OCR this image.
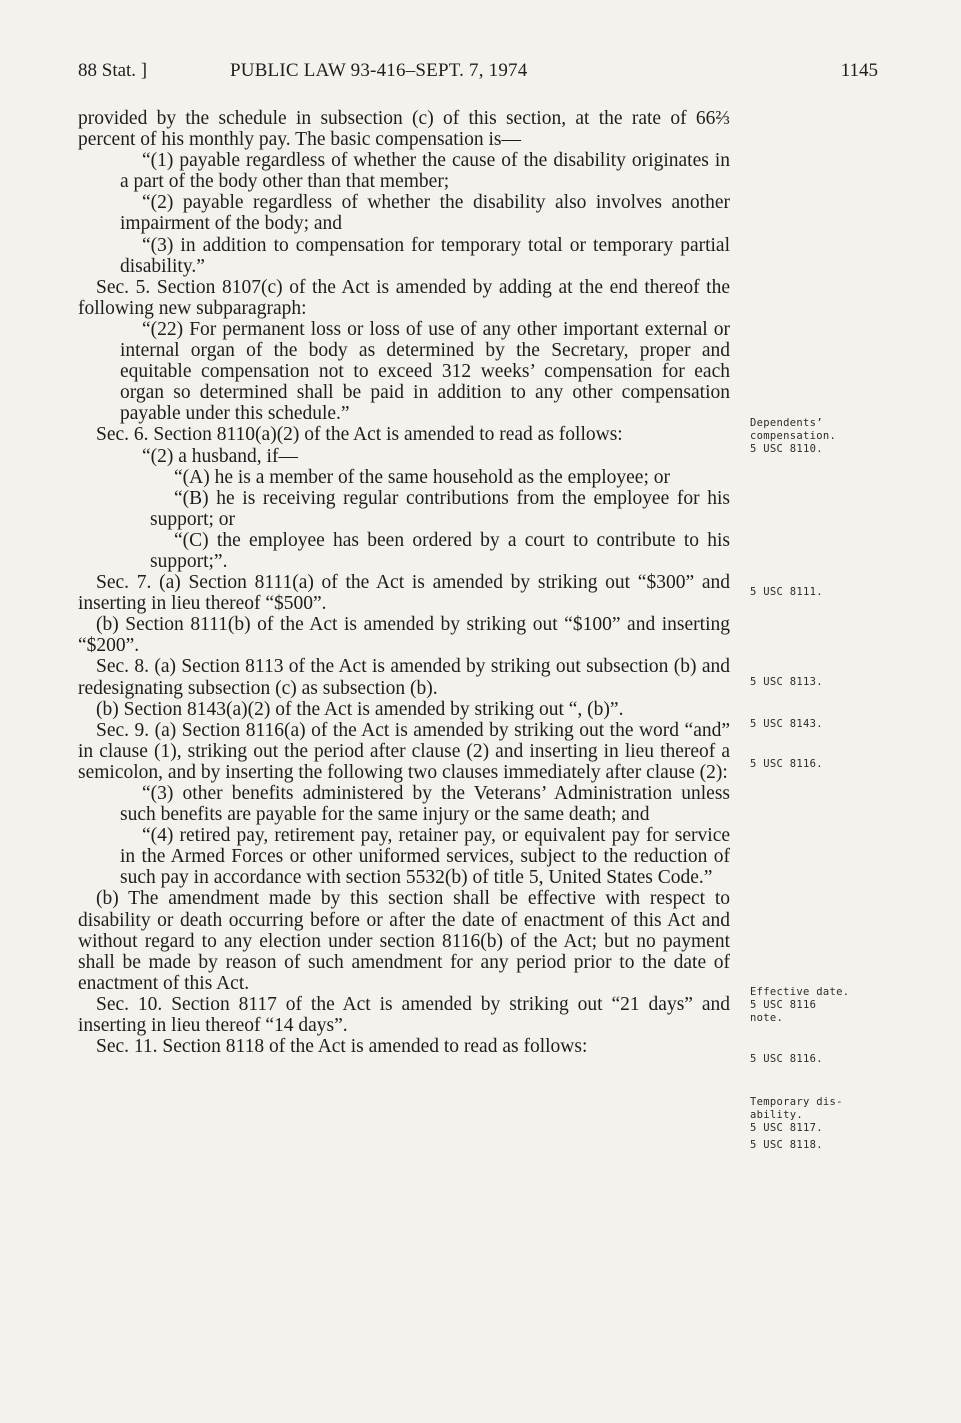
88 Stat. ]	PUBLIC LAW 93-416–SEPT. 7, 1974	1145

provided by the schedule in subsection (c) of this section, at the rate of 66⅔ percent of his monthly pay. The basic compensation is—

“(1) payable regardless of whether the cause of the disability originates in a part of the body other than that member;

“(2) payable regardless of whether the disability also involves another impairment of the body; and

“(3) in addition to compensation for temporary total or temporary partial disability.”

Sec. 5. Section 8107(c) of the Act is amended by adding at the end thereof the following new subparagraph:

“(22) For permanent loss or loss of use of any other important external or internal organ of the body as determined by the Secretary, proper and equitable compensation not to exceed 312 weeks’ compensation for each organ so determined shall be paid in addition to any other compensation payable under this schedule.”

Sec. 6. Section 8110(a)(2) of the Act is amended to read as follows:

“(2) a husband, if—

“(A) he is a member of the same household as the employee; or

“(B) he is receiving regular contributions from the employee for his support; or

“(C) the employee has been ordered by a court to contribute to his support;”.

Sec. 7. (a) Section 8111(a) of the Act is amended by striking out “$300” and inserting in lieu thereof “$500”.

(b) Section 8111(b) of the Act is amended by striking out “$100” and inserting “$200”.

Sec. 8. (a) Section 8113 of the Act is amended by striking out subsection (b) and redesignating subsection (c) as subsection (b).

(b) Section 8143(a)(2) of the Act is amended by striking out “, (b)”.

Sec. 9. (a) Section 8116(a) of the Act is amended by striking out the word “and” in clause (1), striking out the period after clause (2) and inserting in lieu thereof a semicolon, and by inserting the following two clauses immediately after clause (2):

“(3) other benefits administered by the Veterans’ Administration unless such benefits are payable for the same injury or the same death; and

“(4) retired pay, retirement pay, retainer pay, or equivalent pay for service in the Armed Forces or other uniformed services, subject to the reduction of such pay in accordance with section 5532(b) of title 5, United States Code.”

(b) The amendment made by this section shall be effective with respect to disability or death occurring before or after the date of enactment of this Act and without regard to any election under section 8116(b) of the Act; but no payment shall be made by reason of such amendment for any period prior to the date of enactment of this Act.

Sec. 10. Section 8117 of the Act is amended by striking out “21 days” and inserting in lieu thereof “14 days”.

Sec. 11. Section 8118 of the Act is amended to read as follows:

Dependents’
compensation.
5 USC 8110.
5 USC 8111.
5 USC 8113.
5 USC 8143.
5 USC 8116.
Effective date.
5 USC 8116
note.
5 USC 8116.
Temporary dis-
ability.
5 USC 8117.
5 USC 8118.
